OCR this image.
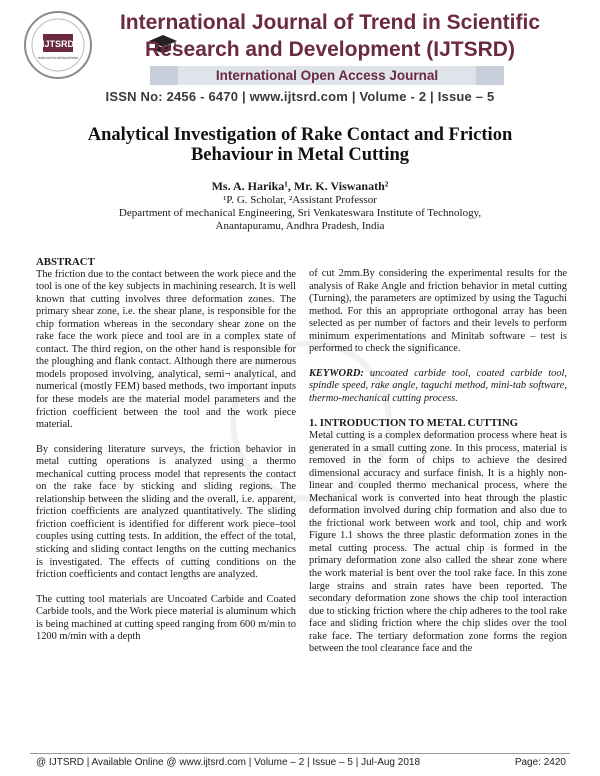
IJTSRD
International Journal of Trend in Scientific Research and Development
International Journal of Trend in Scientific
Research and Development (IJTSRD)
International Open Access Journal
ISSN No: 2456 - 6470 | www.ijtsrd.com | Volume - 2 | Issue – 5
Analytical Investigation of Rake Contact and Friction
Behaviour in Metal Cutting
Ms. A. Harika¹, Mr. K. Viswanath²
¹P. G. Scholar, ²Assistant Professor
Department of mechanical Engineering, Sri Venkateswara Institute of Technology,
Anantapuramu, Andhra Pradesh, India

ABSTRACT

The friction due to the contact between the work piece and the tool is one of the key subjects in machining research. It is well known that cutting involves three deformation zones. The primary shear zone, i.e. the shear plane, is responsible for the chip formation whereas in the secondary shear zone on the rake face the work piece and tool are in a complex state of contact. The third region, on the other hand is responsible for the ploughing and flank contact. Although there are numerous models proposed involving, analytical, semi¬ analytical, and numerical (mostly FEM) based methods, two important inputs for these models are the material model parameters and the friction coefficient between the tool and the work piece material.

By considering literature surveys, the friction behavior in metal cutting operations is analyzed using a thermo mechanical cutting process model that represents the contact on the rake face by sticking and sliding regions. The relationship between the sliding and the overall, i.e. apparent, friction coefficients are analyzed quantitatively. The sliding friction coefficient is identified for different work piece–tool couples using cutting tests. In addition, the effect of the total, sticking and sliding contact lengths on the cutting mechanics is investigated. The effects of cutting conditions on the friction coefficients and contact lengths are analyzed.

The cutting tool materials are Uncoated Carbide and Coated Carbide tools, and the Work piece material is aluminum which is being machined at cutting speed ranging from 600 m/min to 1200 m/min with a depth

of cut 2mm.By considering the experimental results for the analysis of Rake Angle and friction behavior in metal cutting (Turning), the parameters are optimized by using the Taguchi method. For this an appropriate orthogonal array has been selected as per number of factors and their levels to perform minimum experimentations and Minitab software – test is performed to check the significance.

KEYWORD: uncoated carbide tool, coated carbide tool, spindle speed, rake angle, taguchi method, mini-tab software, thermo-mechanical cutting process.

1. INTRODUCTION TO METAL CUTTING

Metal cutting is a complex deformation process where heat is generated in a small cutting zone. In this process, material is removed in the form of chips to achieve the desired dimensional accuracy and surface finish. It is a highly non-linear and coupled thermo mechanical process, where the Mechanical work is converted into heat through the plastic deformation involved during chip formation and also due to the frictional work between work and tool, chip and work Figure 1.1 shows the three plastic deformation zones in the metal cutting process. The actual chip is formed in the primary deformation zone also called the shear zone where the work material is bent over the tool rake face. In this zone large strains and strain rates have been reported. The secondary deformation zone shows the chip tool interaction due to sticking friction where the chip adheres to the tool rake face and sliding friction where the chip slides over the tool rake face. The tertiary deformation zone forms the region between the tool clearance face and the

@ IJTSRD | Available Online @ www.ijtsrd.com | Volume – 2 | Issue – 5 | Jul-Aug 2018	Page: 2420
